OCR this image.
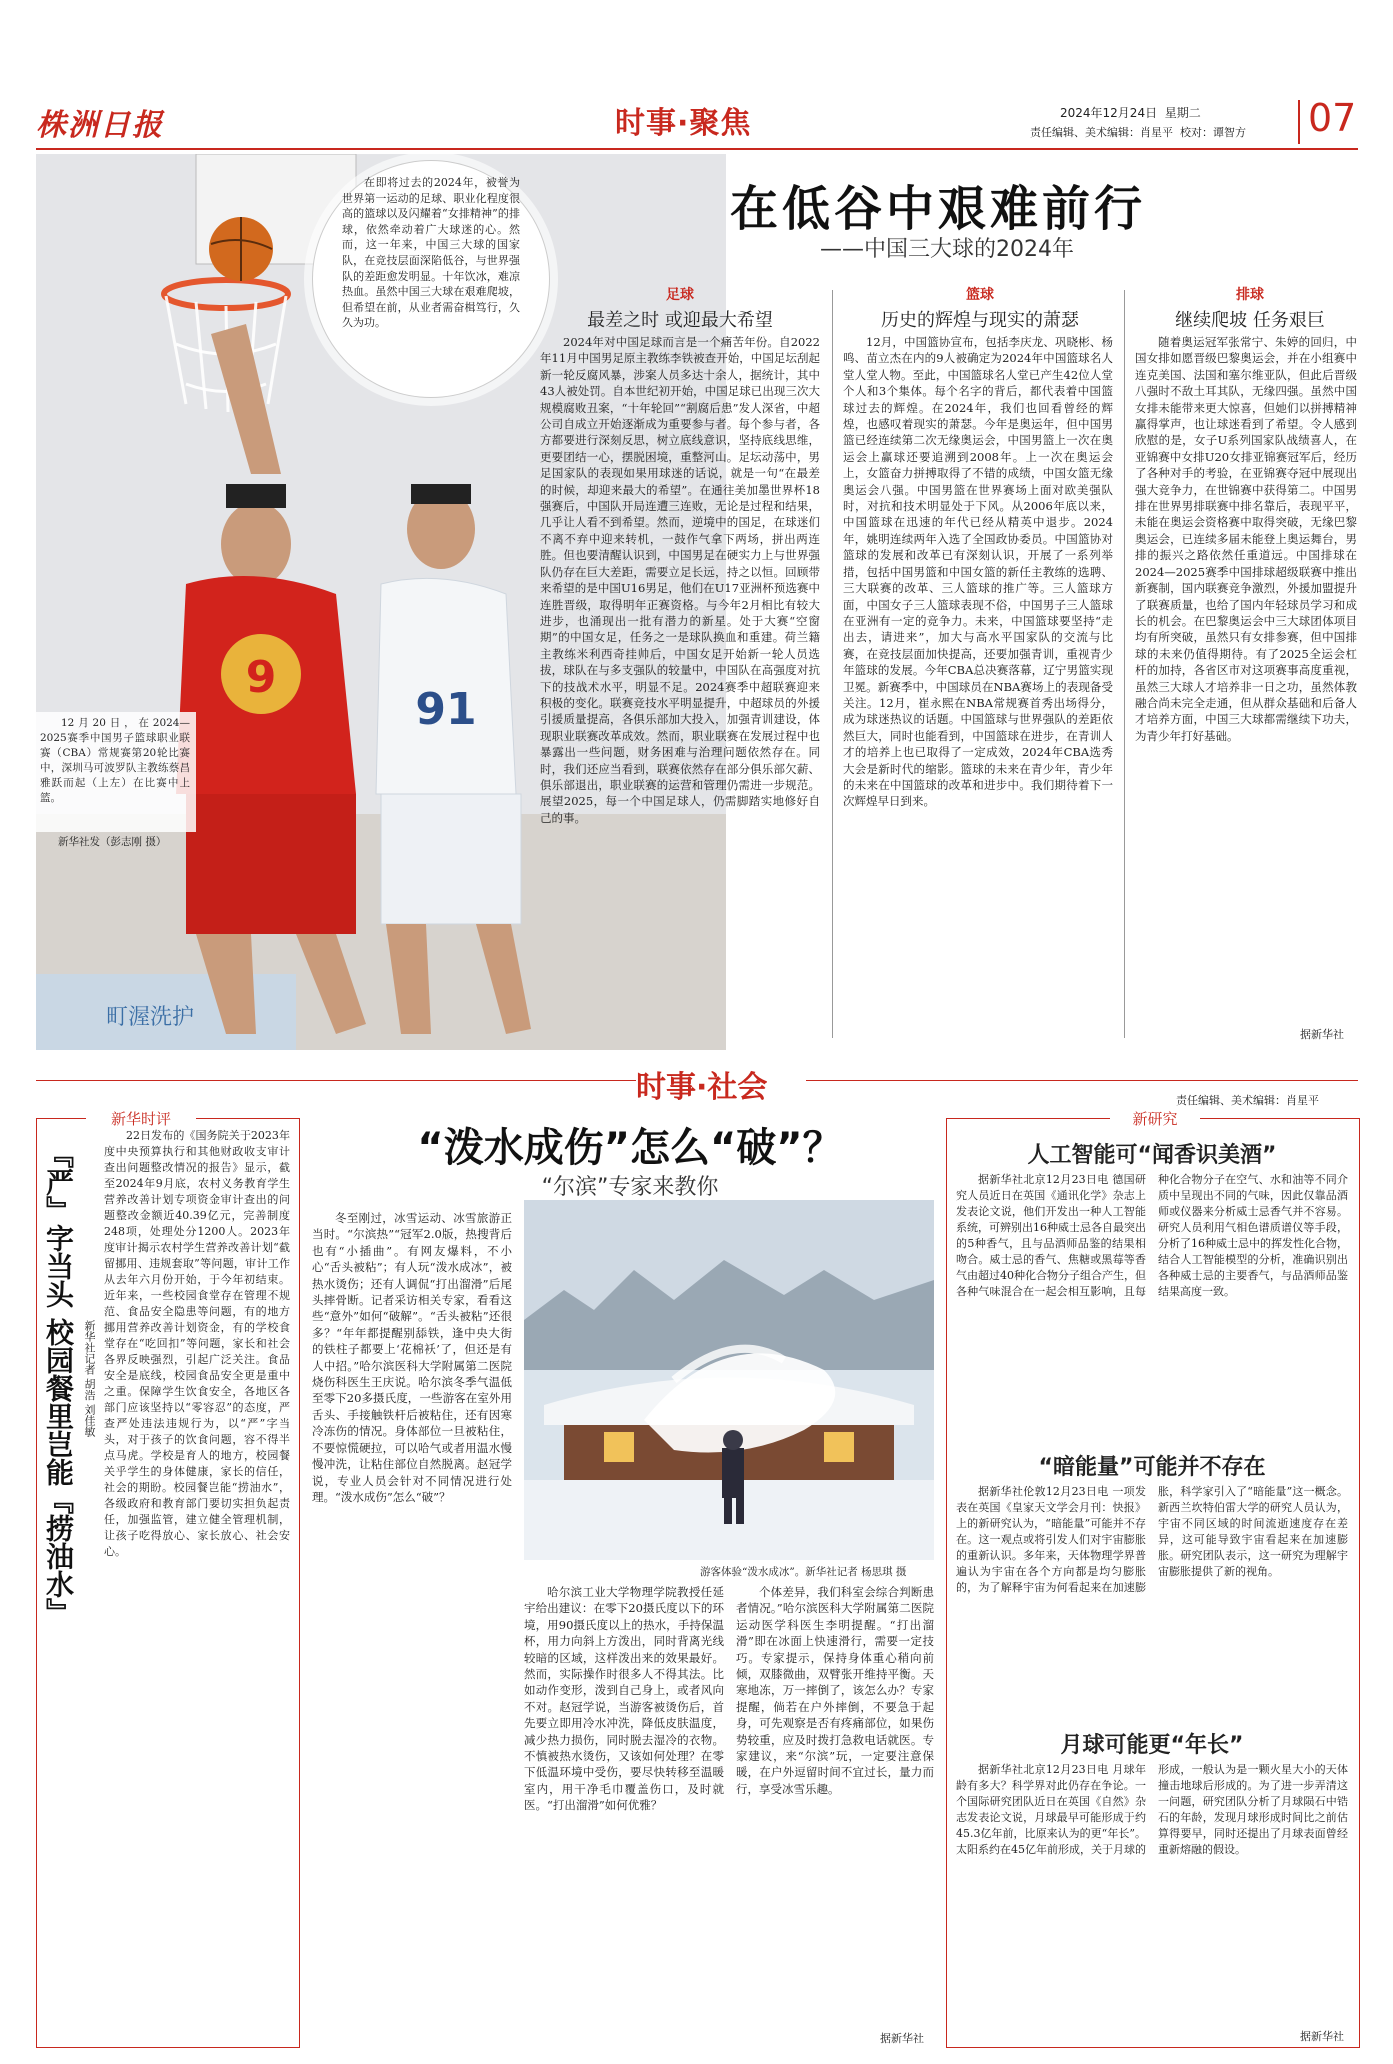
株洲日报	时事·聚焦	2024年12月24日 星期二
责任编辑、美术编辑：肖星平 校对：谭智方 07
9
91
町渥洗护
在即将过去的2024年，被誉为世界第一运动的足球、职业化程度很高的篮球以及闪耀着“女排精神”的排球，依然牵动着广大球迷的心。然而，这一年来，中国三大球的国家队，在竞技层面深陷低谷，与世界强队的差距愈发明显。十年饮冰，难凉热血。虽然中国三大球在艰难爬坡，但希望在前，从业者需奋楫笃行，久久为功。
12月20日，在2024—2025赛季中国男子篮球职业联赛（CBA）常规赛第20轮比赛中，深圳马可波罗队主教练蔡昌雅跃而起（上左）在比赛中上篮。
新华社发（彭志刚 摄）
在低谷中艰难前行
——中国三大球的2024年
足球
最差之时 或迎最大希望
篮球
历史的辉煌与现实的萧瑟
排球
继续爬坡 任务艰巨
2024年对中国足球而言是一个痛苦年份。自2022年11月中国男足原主教练李铁被查开始，中国足坛刮起新一轮反腐风暴，涉案人员多达十余人，据统计，其中43人被处罚。自本世纪初开始，中国足球已出现三次大规模腐败丑案，“十年轮回”“割腐后患”发人深省，中超公司自成立开始逐渐成为重要参与者。每个参与者，各方都要进行深刻反思，树立底线意识，坚持底线思维，更要团结一心，摆脱困境，重整河山。足坛动荡中，男足国家队的表现如果用球迷的话说，就是一句“在最差的时候，却迎来最大的希望”。在通往美加墨世界杯18强赛后，中国队开局连遭三连败，无论是过程和结果，几乎让人看不到希望。然而，逆境中的国足，在球迷们不离不弃中迎来转机，一鼓作气拿下两场，拼出两连胜。但也要清醒认识到，中国男足在硬实力上与世界强队仍存在巨大差距，需要立足长远，持之以恒。回顾带来希望的是中国U16男足，他们在U17亚洲杯预选赛中连胜晋级，取得明年正赛资格。与今年2月相比有较大进步，也涌现出一批有潜力的新星。处于大赛“空窗期”的中国女足，任务之一是球队换血和重建。荷兰籍主教练米利西奇挂帅后，中国女足开始新一轮人员选拔，球队在与多支强队的较量中，中国队在高强度对抗下的技战术水平，明显不足。2024赛季中超联赛迎来积极的变化。联赛竞技水平明显提升，中超球员的外援引援质量提高，各俱乐部加大投入，加强青训建设，体现职业联赛改革成效。然而，职业联赛在发展过程中也暴露出一些问题，财务困难与治理问题依然存在。同时，我们还应当看到，联赛依然存在部分俱乐部欠薪、俱乐部退出，职业联赛的运营和管理仍需进一步规范。展望2025，每一个中国足球人，仍需脚踏实地修好自己的事。
12月，中国篮协宣布，包括李庆龙、巩晓彬、杨鸣、苗立杰在内的9人被确定为2024年中国篮球名人堂人堂人物。至此，中国篮球名人堂已产生42位人堂个人和3个集体。每个名字的背后，都代表着中国篮球过去的辉煌。在2024年，我们也回看曾经的辉煌，也感叹着现实的萧瑟。今年是奥运年，但中国男篮已经连续第二次无缘奥运会，中国男篮上一次在奥运会上赢球还要追溯到2008年。上一次在奥运会上，女篮奋力拼搏取得了不错的成绩，中国女篮无缘奥运会八强。中国男篮在世界赛场上面对欧美强队时，对抗和技术明显处于下风。从2006年底以来，中国篮球在迅速的年代已经从精英中退步。2024年，姚明连续两年入选了全国政协委员。中国篮协对篮球的发展和改革已有深刻认识，开展了一系列举措，包括中国男篮和中国女篮的新任主教练的选聘、三大联赛的改革、三人篮球的推广等。三人篮球方面，中国女子三人篮球表现不俗，中国男子三人篮球在亚洲有一定的竞争力。未来，中国篮球要坚持“走出去，请进来”，加大与高水平国家队的交流与比赛，在竞技层面加快提高，还要加强青训，重视青少年篮球的发展。今年CBA总决赛落幕，辽宁男篮实现卫冕。新赛季中，中国球员在NBA赛场上的表现备受关注。12月，崔永熙在NBA常规赛首秀出场得分，成为球迷热议的话题。中国篮球与世界强队的差距依然巨大，同时也能看到，中国篮球在进步，在青训人才的培养上也已取得了一定成效，2024年CBA选秀大会是新时代的缩影。篮球的未来在青少年，青少年的未来在中国篮球的改革和进步中。我们期待着下一次辉煌早日到来。
随着奥运冠军张常宁、朱婷的回归，中国女排如愿晋级巴黎奥运会，并在小组赛中连克美国、法国和塞尔维亚队，但此后晋级八强时不敌土耳其队，无缘四强。虽然中国女排未能带来更大惊喜，但她们以拼搏精神赢得掌声，也让球迷看到了希望。令人感到欣慰的是，女子U系列国家队战绩喜人，在亚锦赛中女排U20女排亚锦赛冠军后，经历了各种对手的考验，在亚锦赛夺冠中展现出强大竞争力，在世锦赛中获得第二。中国男排在世界男排联赛中排名靠后，表现平平，未能在奥运会资格赛中取得突破，无缘巴黎奥运会，已连续多届未能登上奥运舞台，男排的振兴之路依然任重道远。中国排球在2024—2025赛季中国排球超级联赛中推出新赛制，国内联赛竞争激烈，外援加盟提升了联赛质量，也给了国内年轻球员学习和成长的机会。在巴黎奥运会中三大球团体项目均有所突破，虽然只有女排参赛，但中国排球的未来仍值得期待。有了2025全运会杠杆的加持，各省区市对这项赛事高度重视，虽然三大球人才培养非一日之功，虽然体教融合尚未完全走通，但从群众基础和后备人才培养方面，中国三大球都需继续下功夫，为青少年打好基础。
据新华社
时事·社会	责任编辑、美术编辑：肖星平
新华时评
『严』字当头 校园餐里岂能『捞油水』 新华社记者 胡浩 刘佳敏
22日发布的《国务院关于2023年度中央预算执行和其他财政收支审计查出问题整改情况的报告》显示，截至2024年9月底，农村义务教育学生营养改善计划专项资金审计查出的问题整改金额近40.39亿元，完善制度248项，处理处分1200人。2023年度审计揭示农村学生营养改善计划“截留挪用、违规套取”等问题，审计工作从去年六月份开始，于今年初结束。近年来，一些校园食堂存在管理不规范、食品安全隐患等问题，有的地方挪用营养改善计划资金，有的学校食堂存在“吃回扣”等问题，家长和社会各界反映强烈，引起广泛关注。食品安全是底线，校园食品安全更是重中之重。保障学生饮食安全，各地区各部门应该坚持以“零容忍”的态度，严查严处违法违规行为，以“严”字当头，对于孩子的饮食问题，容不得半点马虎。学校是育人的地方，校园餐关乎学生的身体健康，家长的信任，社会的期盼。校园餐岂能“捞油水”，各级政府和教育部门要切实担负起责任，加强监管，建立健全管理机制，让孩子吃得放心、家长放心、社会安心。
“泼水成伤”怎么“破”？
“尔滨”专家来教你
冬至刚过，冰雪运动、冰雪旅游正当时。“尔滨热”“冠军2.0版，热搜背后也有“小插曲”。有网友爆料，不小心“舌头被粘”；有人玩“泼水成冰”，被热水烫伤；还有人调侃“打出溜滑”后尾头摔骨断。记者采访相关专家，看看这些“意外”如何“破解”。“舌头被粘”还很多？“年年都提醒别舔铁，逢中央大街的铁柱子都要上‘花棉袄’了，但还是有人中招。”哈尔滨医科大学附属第二医院烧伤科医生王庆说。哈尔滨冬季气温低至零下20多摄氏度，一些游客在室外用舌头、手接触铁杆后被粘住，还有因寒冷冻伤的情况。身体部位一旦被粘住，不要惊慌硬拉，可以哈气或者用温水慢慢冲洗，让粘住部位自然脱离。赵冠学说，专业人员会针对不同情况进行处理。“泼水成伤”怎么“破”？
游客体验“泼水成冰”。新华社记者 杨思琪 摄
哈尔滨工业大学物理学院教授任延宇给出建议：在零下20摄氏度以下的环境，用90摄氏度以上的热水，手持保温杯，用力向斜上方泼出，同时背离光线较暗的区域，这样泼出来的效果最好。然而，实际操作时很多人不得其法。比如动作变形，泼到自己身上，或者风向不对。赵冠学说，当游客被烫伤后，首先要立即用冷水冲洗，降低皮肤温度，减少热力损伤，同时脱去湿冷的衣物。不慎被热水烫伤，又该如何处理？在零下低温环境中受伤，要尽快转移至温暖室内，用干净毛巾覆盖伤口，及时就医。“打出溜滑”如何优雅？
个体差异，我们科室会综合判断患者情况。”哈尔滨医科大学附属第二医院运动医学科医生李明提醒。“打出溜滑”即在冰面上快速滑行，需要一定技巧。专家提示，保持身体重心稍向前倾，双膝微曲，双臂张开维持平衡。天寒地冻，万一摔倒了，该怎么办？专家提醒，倘若在户外摔倒，不要急于起身，可先观察是否有疼痛部位，如果伤势较重，应及时拨打急救电话就医。专家建议，来“尔滨”玩，一定要注意保暖，在户外逗留时间不宜过长，量力而行，享受冰雪乐趣。
据新华社
新研究
人工智能可“闻香识美酒”
据新华社北京12月23日电 德国研究人员近日在英国《通讯化学》杂志上发表论文说，他们开发出一种人工智能系统，可辨别出16种威士忌各自最突出的5种香气，且与品酒师品鉴的结果相吻合。威士忌的香气、焦糖或黑莓等香气由超过40种化合物分子组合产生，但各种气味混合在一起会相互影响，且每种化合物分子在空气、水和油等不同介质中呈现出不同的气味，因此仅靠品酒师或仪器来分析威士忌香气并不容易。研究人员利用气相色谱质谱仪等手段，分析了16种威士忌中的挥发性化合物，结合人工智能模型的分析，准确识别出各种威士忌的主要香气，与品酒师品鉴结果高度一致。
“暗能量”可能并不存在
据新华社伦敦12月23日电 一项发表在英国《皇家天文学会月刊：快报》上的新研究认为，“暗能量”可能并不存在。这一观点或将引发人们对宇宙膨胀的重新认识。多年来，天体物理学界普遍认为宇宙在各个方向都是均匀膨胀的，为了解释宇宙为何看起来在加速膨胀，科学家引入了“暗能量”这一概念。新西兰坎特伯雷大学的研究人员认为，宇宙不同区域的时间流逝速度存在差异，这可能导致宇宙看起来在加速膨胀。研究团队表示，这一研究为理解宇宙膨胀提供了新的视角。
月球可能更“年长”
据新华社北京12月23日电 月球年龄有多大？科学界对此仍存在争论。一个国际研究团队近日在英国《自然》杂志发表论文说，月球最早可能形成于约45.3亿年前，比原来认为的更“年长”。太阳系约在45亿年前形成，关于月球的形成，一般认为是一颗火星大小的天体撞击地球后形成的。为了进一步弄清这一问题，研究团队分析了月球陨石中锆石的年龄，发现月球形成时间比之前估算得要早，同时还提出了月球表面曾经重新熔融的假设。
据新华社
